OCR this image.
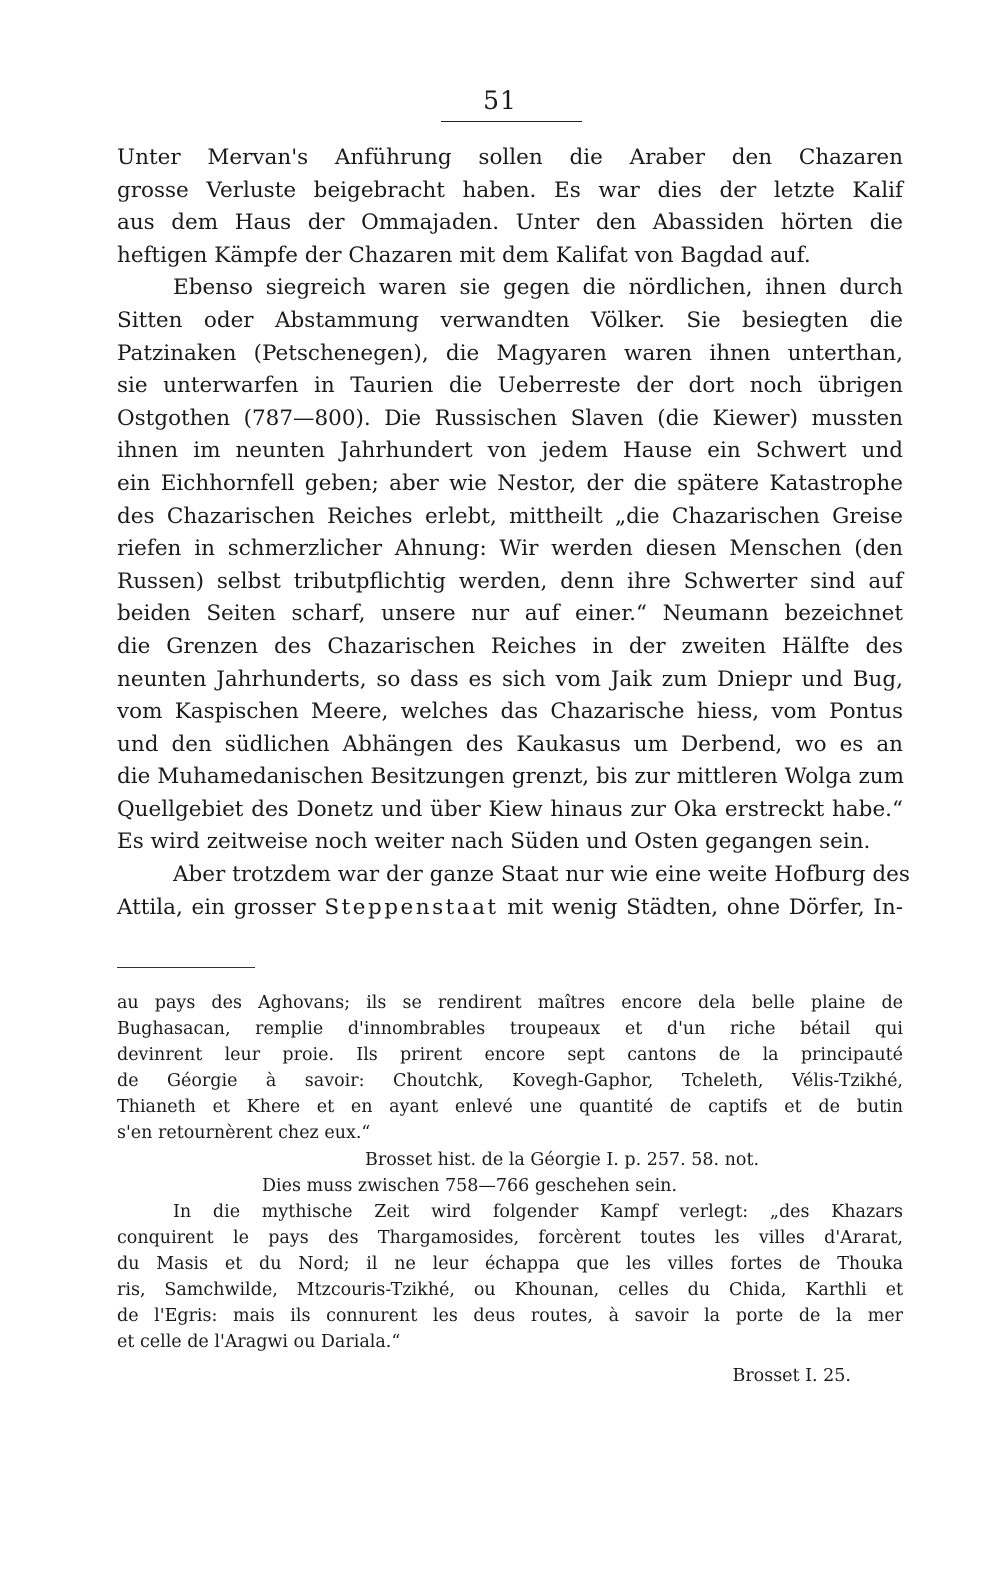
51
Unter Mervan's Anführung sollen die Araber den Chazaren
grosse Verluste beigebracht haben. Es war dies der letzte Kalif
aus dem Haus der Ommajaden. Unter den Abassiden hörten die
heftigen Kämpfe der Chazaren mit dem Kalifat von Bagdad auf.
Ebenso siegreich waren sie gegen die nördlichen, ihnen durch
Sitten oder Abstammung verwandten Völker. Sie besiegten die
Patzinaken (Petschenegen), die Magyaren waren ihnen unterthan,
sie unterwarfen in Taurien die Ueberreste der dort noch übrigen
Ostgothen (787—800). Die Russischen Slaven (die Kiewer) mussten
ihnen im neunten Jahrhundert von jedem Hause ein Schwert und
ein Eichhornfell geben; aber wie Nestor, der die spätere Katastrophe
des Chazarischen Reiches erlebt, mittheilt „die Chazarischen Greise
riefen in schmerzlicher Ahnung: Wir werden diesen Menschen (den
Russen) selbst tributpflichtig werden, denn ihre Schwerter sind auf
beiden Seiten scharf, unsere nur auf einer.“ Neumann bezeichnet
die Grenzen des Chazarischen Reiches in der zweiten Hälfte des
neunten Jahrhunderts, so dass es sich vom Jaik zum Dniepr und Bug,
vom Kaspischen Meere, welches das Chazarische hiess, vom Pontus
und den südlichen Abhängen des Kaukasus um Derbend, wo es an
die Muhamedanischen Besitzungen grenzt, bis zur mittleren Wolga zum
Quellgebiet des Donetz und über Kiew hinaus zur Oka erstreckt habe.“
Es wird zeitweise noch weiter nach Süden und Osten gegangen sein.
Aber trotzdem war der ganze Staat nur wie eine weite Hofburg des
Attila, ein grosser Steppenstaat mit wenig Städten, ohne Dörfer, In-
au pays des Aghovans; ils se rendirent maîtres encore dela belle plaine de
Bughasacan, remplie d'innombrables troupeaux et d'un riche bétail qui
devinrent leur proie. Ils prirent encore sept cantons de la principauté
de Géorgie à savoir: Choutchk, Kovegh-Gaphor, Tcheleth, Vélis-Tzikhé,
Thianeth et Khere et en ayant enlevé une quantité de captifs et de butin
s'en retournèrent chez eux.“
Brosset hist. de la Géorgie I. p. 257. 58. not.
Dies muss zwischen 758—766 geschehen sein.
In die mythische Zeit wird folgender Kampf verlegt: „des Khazars
conquirent le pays des Thargamosides, forcèrent toutes les villes d'Ararat,
du Masis et du Nord; il ne leur échappa que les villes fortes de Thouka
ris, Samchwilde, Mtzcouris-Tzikhé, ou Khounan, celles du Chida, Karthli et
de l'Egris: mais ils connurent les deus routes, à savoir la porte de la mer
et celle de l'Aragwi ou Dariala.“
Brosset I. 25.
